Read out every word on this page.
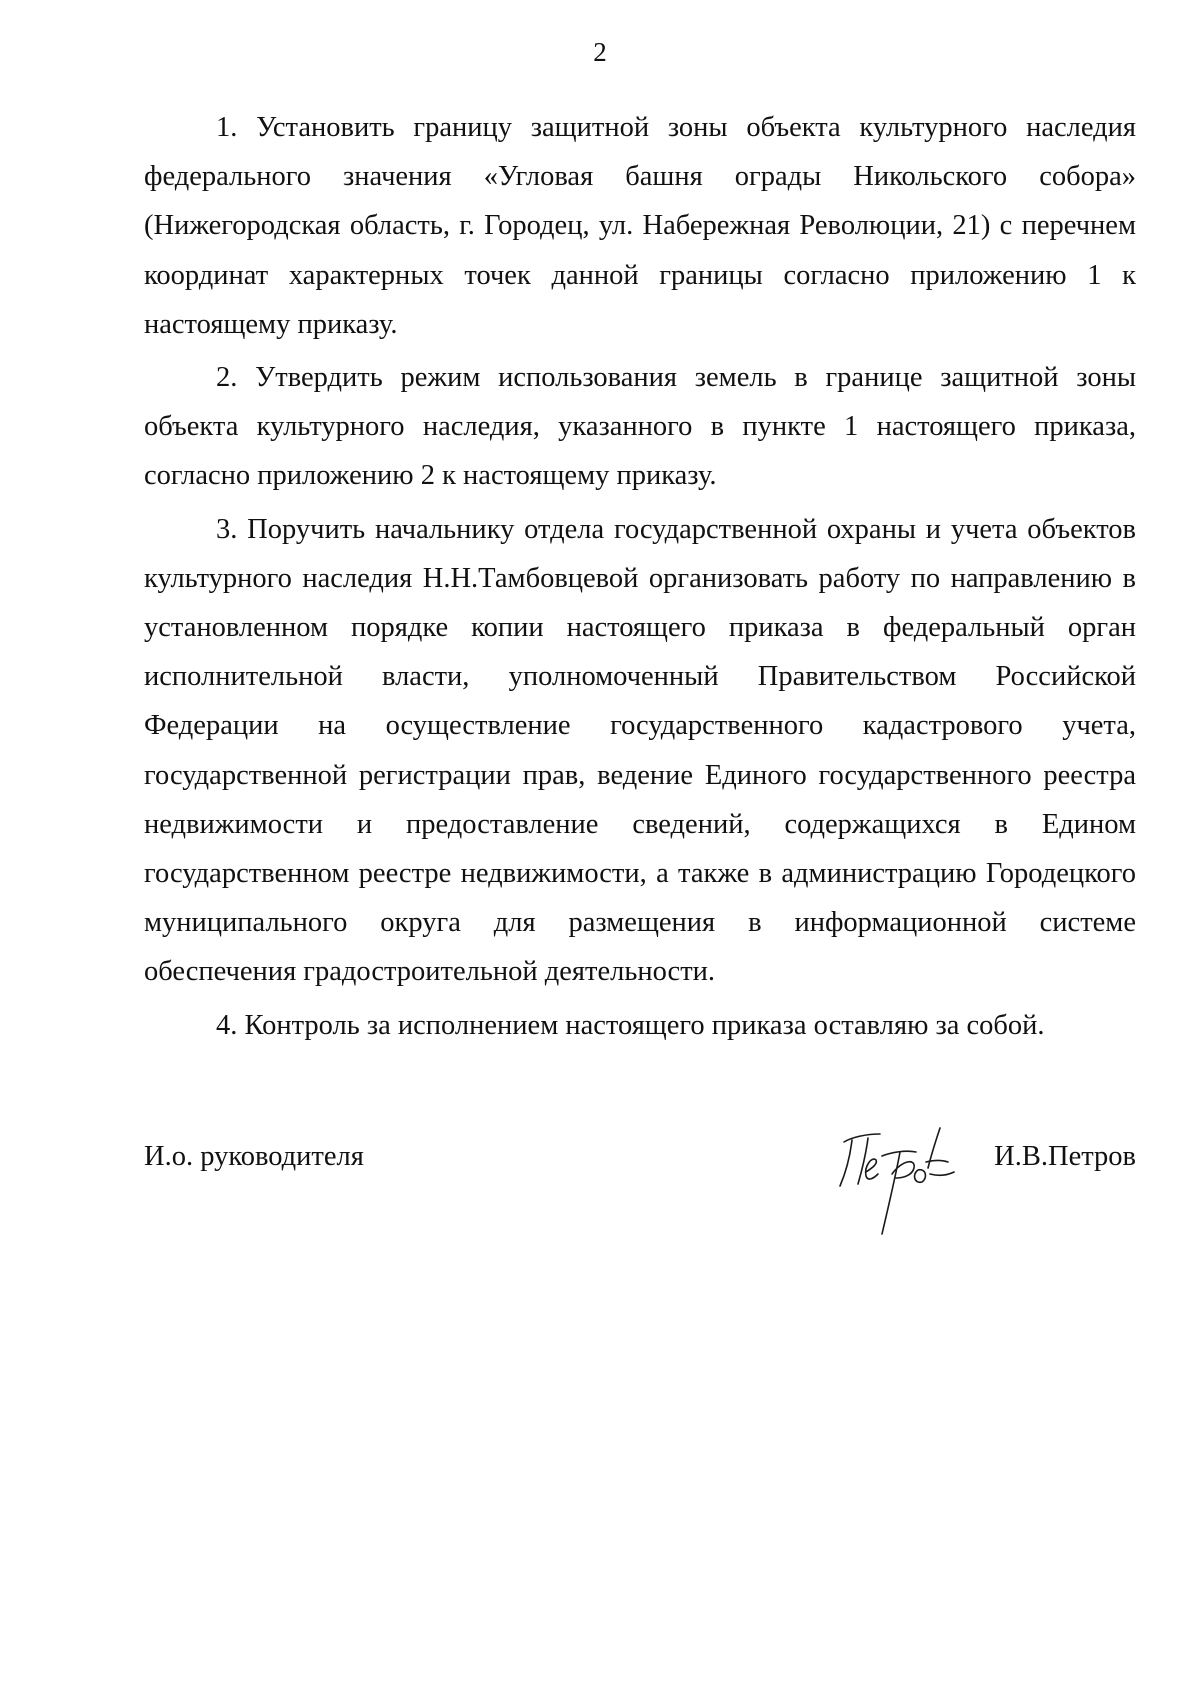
2

1. Установить границу защитной зоны объекта культурного наследия федерального значения «Угловая башня ограды Никольского собора» (Нижегородская область, г. Городец, ул. Набережная Революции, 21) с перечнем координат характерных точек данной границы согласно приложению 1 к настоящему приказу.

2. Утвердить режим использования земель в границе защитной зоны объекта культурного наследия, указанного в пункте 1 настоящего приказа, согласно приложению 2 к настоящему приказу.

3. Поручить начальнику отдела государственной охраны и учета объектов культурного наследия Н.Н.Тамбовцевой организовать работу по направлению в установленном порядке копии настоящего приказа в федеральный орган исполнительной власти, уполномоченный Правительством Российской Федерации на осуществление государственного кадастрового учета, государственной регистрации прав, ведение Единого государственного реестра недвижимости и предоставление сведений, содержащихся в Едином государственном реестре недвижимости, а также в администрацию Городецкого муниципального округа для размещения в информационной системе обеспечения градостроительной деятельности.

4. Контроль за исполнением настоящего приказа оставляю за собой.

И.о. руководителя	И.В.Петров
